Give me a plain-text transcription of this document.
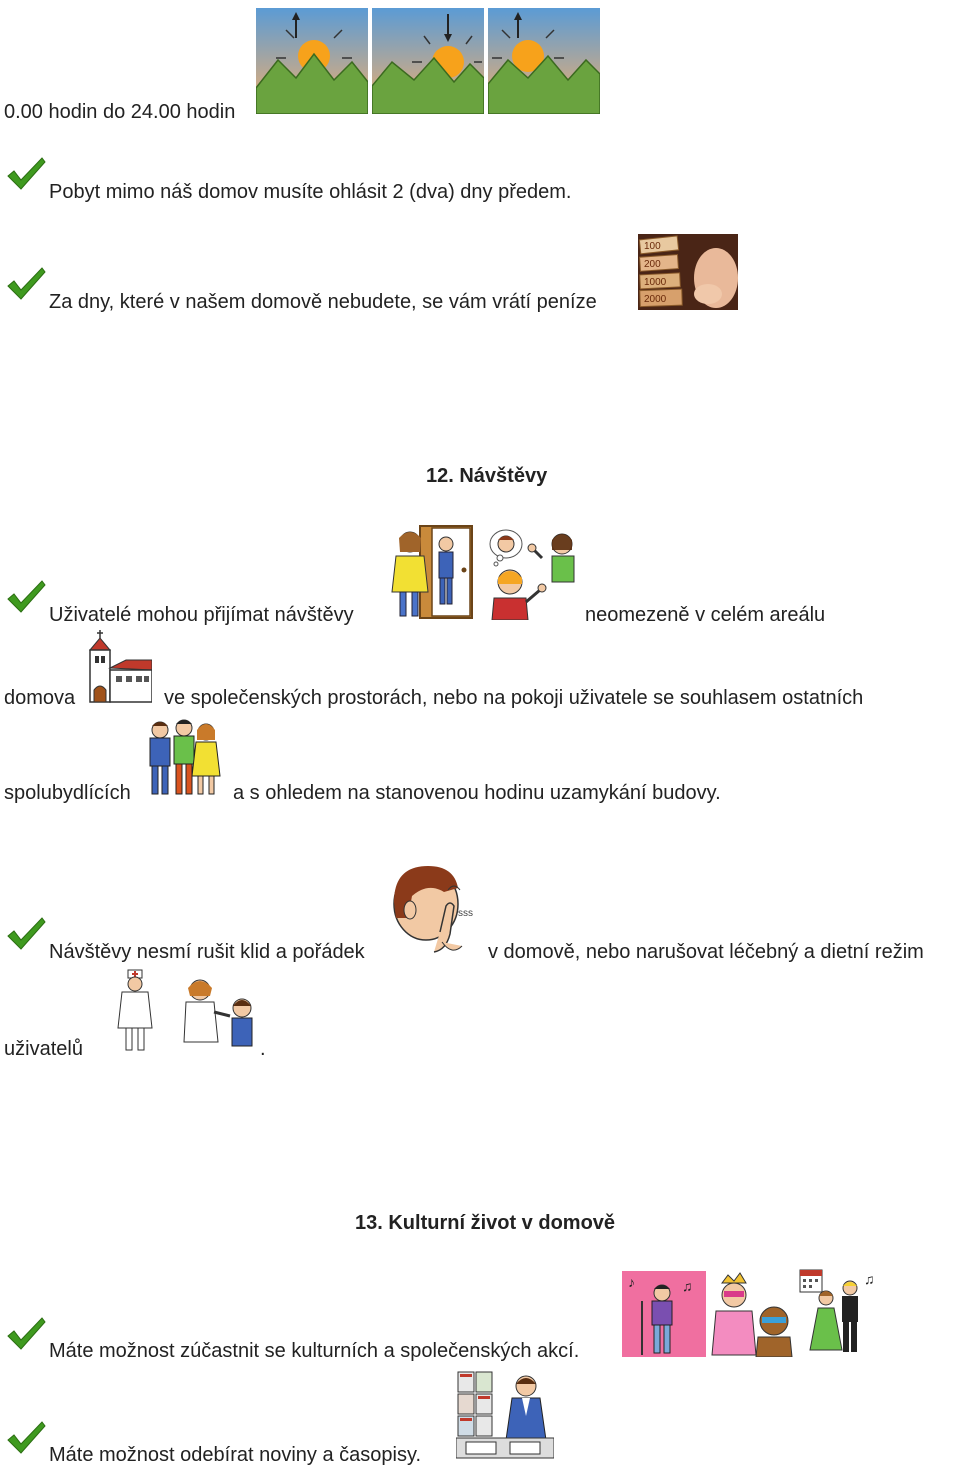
0.00 hodin do 24.00 hodin
Pobyt mimo náš domov musíte ohlásit 2 (dva) dny předem.
Za dny, které v našem domově nebudete, se vám vrátí peníze
100
200
1000
2000
12. Návštěvy
Uživatelé mohou přijímat návštěvy	neomezeně v celém areálu
domova	ve společenských prostorách, nebo na pokoji uživatele se souhlasem ostatních
spolubydlících	a s ohledem na stanovenou hodinu uzamykání budovy.
Návštěvy nesmí rušit klid a pořádek
sss
v domově, nebo narušovat léčebný a dietní režim
uživatelů	.
13. Kulturní život v domově
Máte možnost zúčastnit se kulturních a společenských akcí.
♪	♫	♫
Máte možnost odebírat noviny a časopisy.
